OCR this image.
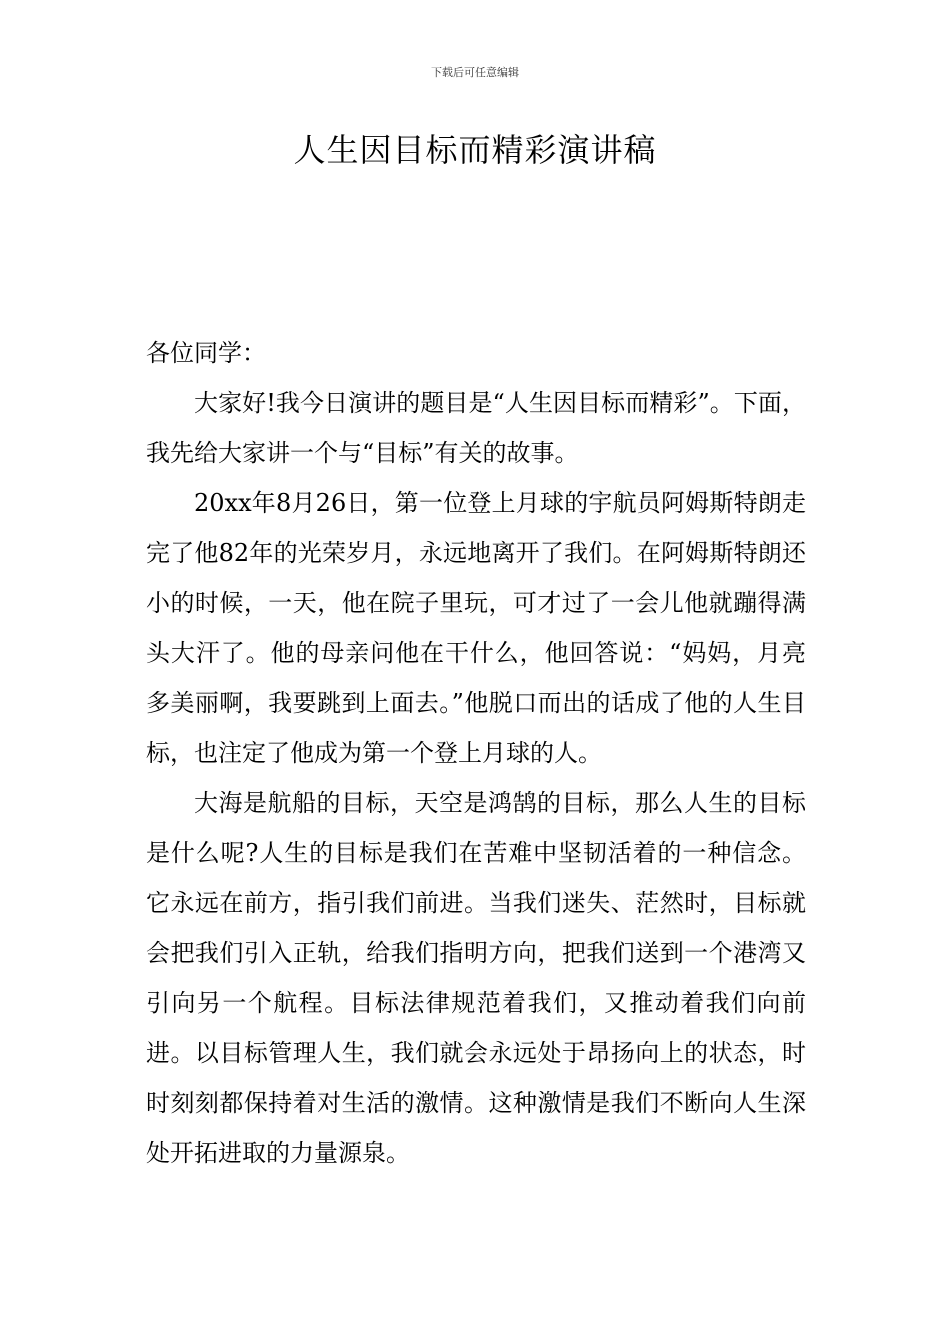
下载后可任意编辑
人生因目标而精彩演讲稿

各位同学：

大家好!我今日演讲的题目是“人生因目标而精彩”。下面，我先给大家讲一个与“目标”有关的故事。

20xx年8月26日，第一位登上月球的宇航员阿姆斯特朗走完了他82年的光荣岁月，永远地离开了我们。在阿姆斯特朗还小的时候，一天，他在院子里玩，可才过了一会儿他就蹦得满头大汗了。他的母亲问他在干什么，他回答说：“妈妈，月亮多美丽啊，我要跳到上面去。”他脱口而出的话成了他的人生目标，也注定了他成为第一个登上月球的人。

大海是航船的目标，天空是鸿鹄的目标，那么人生的目标是什么呢?人生的目标是我们在苦难中坚韧活着的一种信念。它永远在前方，指引我们前进。当我们迷失、茫然时，目标就会把我们引入正轨，给我们指明方向，把我们送到一个港湾又引向另一个航程。目标法律规范着我们，又推动着我们向前进。以目标管理人生，我们就会永远处于昂扬向上的状态，时时刻刻都保持着对生活的激情。这种激情是我们不断向人生深处开拓进取的力量源泉。
